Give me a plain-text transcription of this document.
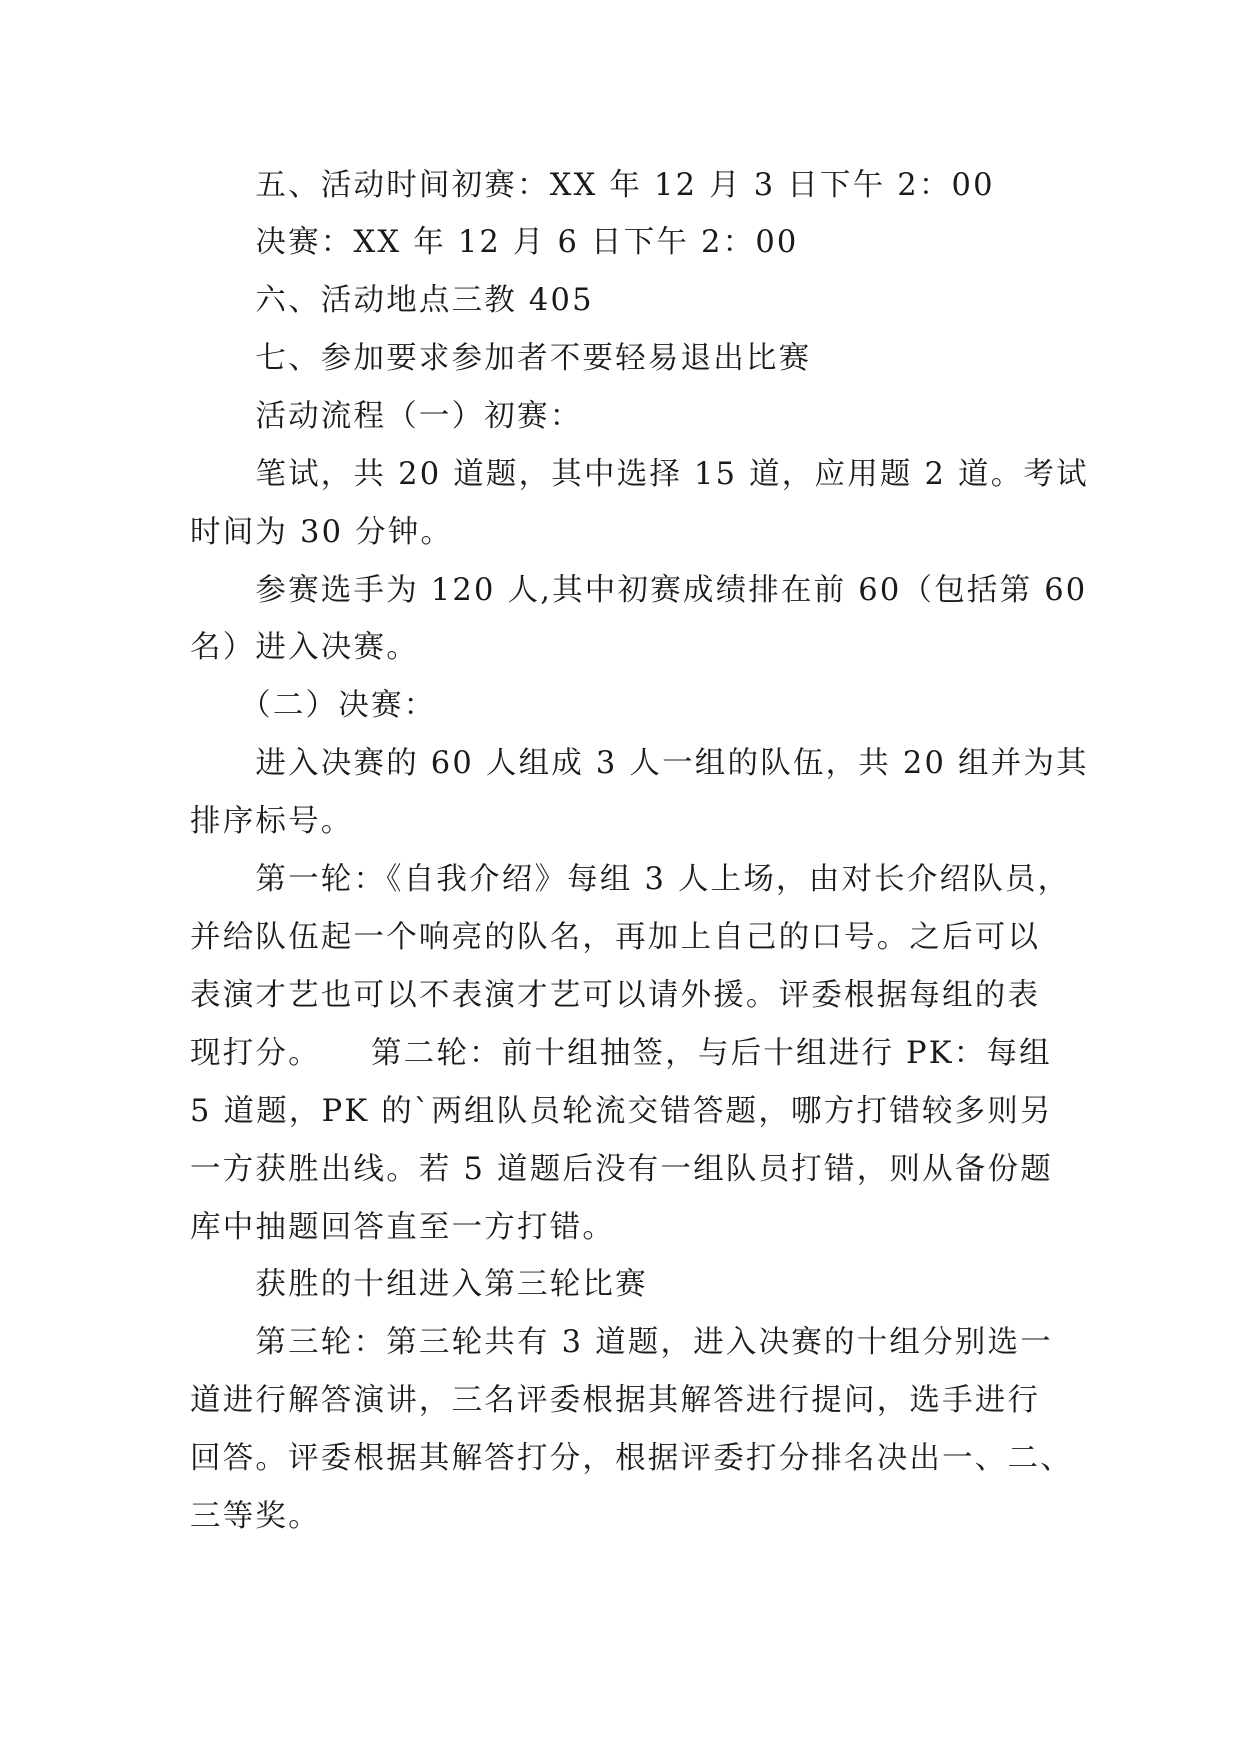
　　五、活动时间初赛：XX 年 12 月 3 日下午 2：00
　　决赛：XX 年 12 月 6 日下午 2：00
　　六、活动地点三教 405
　　七、参加要求参加者不要轻易退出比赛
　　活动流程（一）初赛：
　　笔试，共 20 道题，其中选择 15 道，应用题 2 道。考试
时间为 30 分钟。
　　参赛选手为 120 人,其中初赛成绩排在前 60（包括第 60
名）进入决赛。
　　（二）决赛：
　　进入决赛的 60 人组成 3 人一组的队伍，共 20 组并为其
排序标号。
　　第一轮：《自我介绍》每组 3 人上场，由对长介绍队员，
并给队伍起一个响亮的队名，再加上自己的口号。之后可以
表演才艺也可以不表演才艺可以请外援。评委根据每组的表
现打分。　　第二轮：前十组抽签，与后十组进行 PK：每组
5 道题，PK 的`两组队员轮流交错答题，哪方打错较多则另
一方获胜出线。若 5 道题后没有一组队员打错，则从备份题
库中抽题回答直至一方打错。
　　获胜的十组进入第三轮比赛
　　第三轮：第三轮共有 3 道题，进入决赛的十组分别选一
道进行解答演讲，三名评委根据其解答进行提问，选手进行
回答。评委根据其解答打分，根据评委打分排名决出一、二、
三等奖。
